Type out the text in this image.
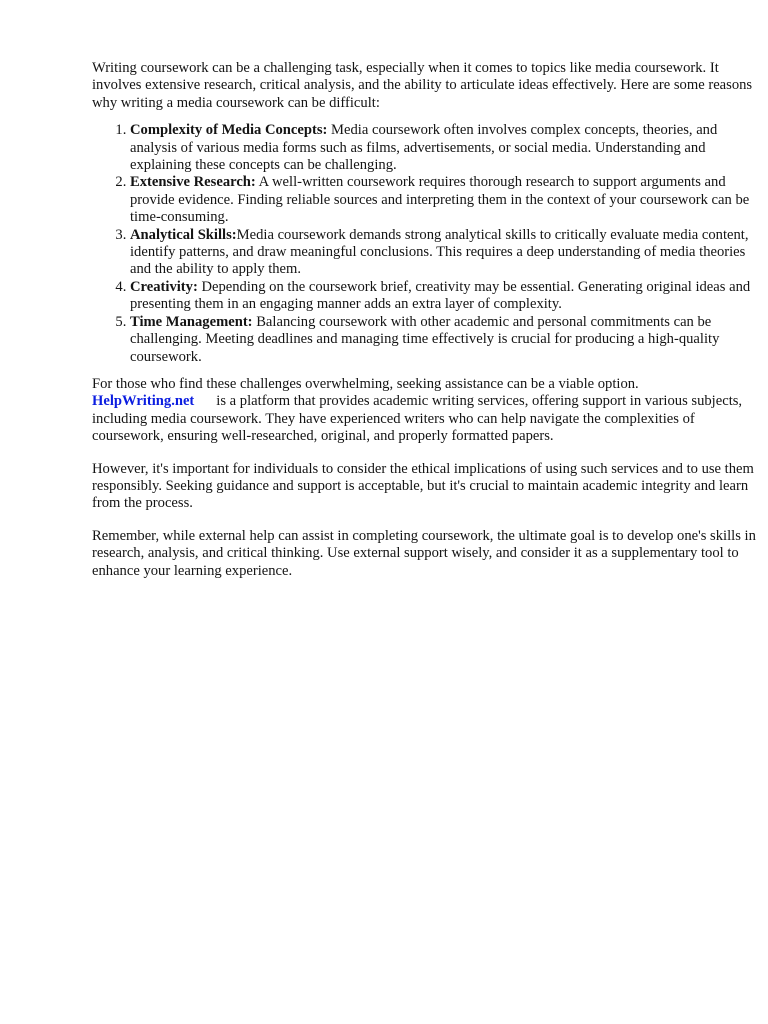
Writing coursework can be a challenging task, especially when it comes to topics like media coursework. It involves extensive research, critical analysis, and the ability to articulate ideas effectively. Here are some reasons why writing a media coursework can be difficult:

1. Complexity of Media Concepts: Media coursework often involves complex concepts, theories, and analysis of various media forms such as films, advertisements, or social media. Understanding and explaining these concepts can be challenging.
2. Extensive Research: A well-written coursework requires thorough research to support arguments and provide evidence. Finding reliable sources and interpreting them in the context of your coursework can be time-consuming.
3. Analytical Skills:Media coursework demands strong analytical skills to critically evaluate media content, identify patterns, and draw meaningful conclusions. This requires a deep understanding of media theories and the ability to apply them.
4. Creativity: Depending on the coursework brief, creativity may be essential. Generating original ideas and presenting them in an engaging manner adds an extra layer of complexity.
5. Time Management: Balancing coursework with other academic and personal commitments can be challenging. Meeting deadlines and managing time effectively is crucial for producing a high-quality coursework.

For those who find these challenges overwhelming, seeking assistance can be a viable option.
HelpWriting.net is a platform that provides academic writing services, offering support in various subjects, including media coursework. They have experienced writers who can help navigate the complexities of coursework, ensuring well-researched, original, and properly formatted papers.

However, it's important for individuals to consider the ethical implications of using such services and to use them responsibly. Seeking guidance and support is acceptable, but it's crucial to maintain academic integrity and learn from the process.

Remember, while external help can assist in completing coursework, the ultimate goal is to develop one's skills in research, analysis, and critical thinking. Use external support wisely, and consider it as a supplementary tool to enhance your learning experience.
